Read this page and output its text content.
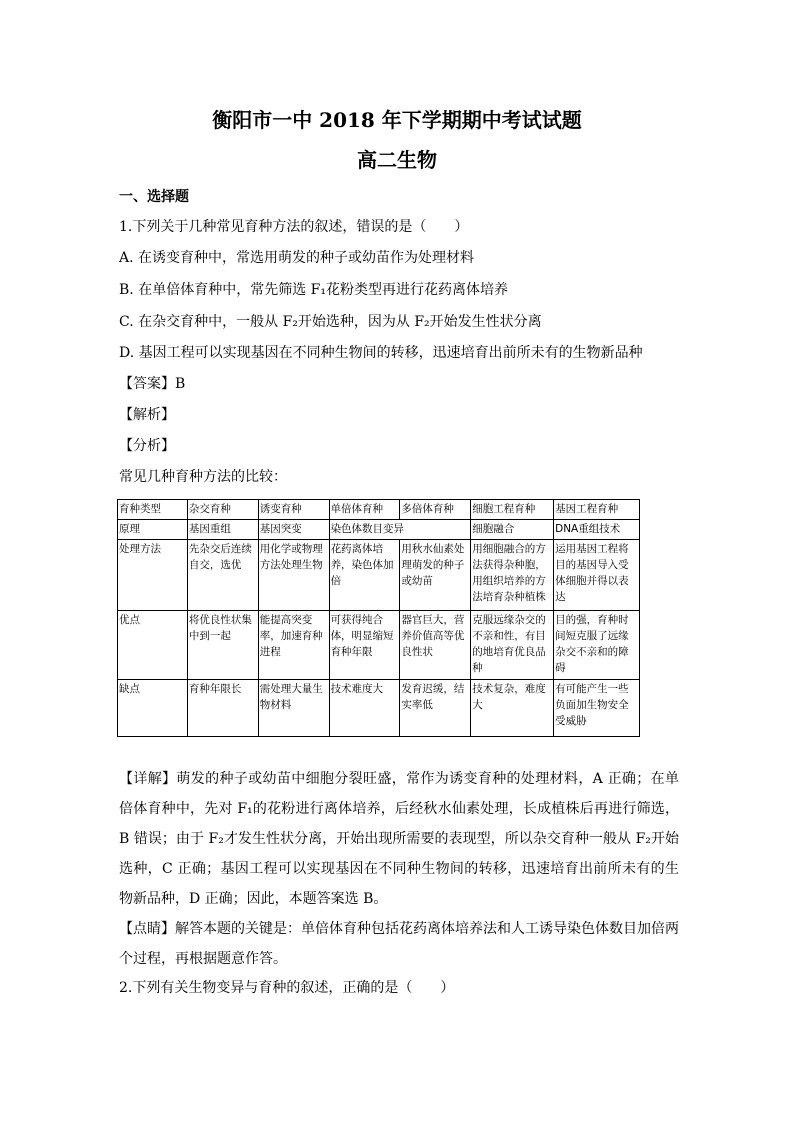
衡阳市一中 2018 年下学期期中考试试题
高二生物
一、选择题
1.下列关于几种常见育种方法的叙述，错误的是（　　）
A. 在诱变育种中，常选用萌发的种子或幼苗作为处理材料
B. 在单倍体育种中，常先筛选 F₁花粉类型再进行花药离体培养
C. 在杂交育种中，一般从 F₂开始选种，因为从 F₂开始发生性状分离
D. 基因工程可以实现基因在不同种生物间的转移，迅速培育出前所未有的生物新品种
【答案】B
【解析】
【分析】
常见几种育种方法的比较：
育种类型	杂交育种	诱变育种	单倍体育种	多倍体育种	细胞工程育种	基因工程育种
原理	基因重组	基因突变	染色体数目变异		细胞融合	DNA重组技术
处理方法	先杂交后连续自交，选优	用化学或物理方法处理生物	花药离体培养，染色体加倍	用秋水仙素处理萌发的种子或幼苗	用细胞融合的方法获得杂种胞，用组织培养的方法培育杂种植株	运用基因工程将目的基因导入受体细胞并得以表达
优点	将优良性状集中到一起	能提高突变率，加速育种进程	可获得纯合体，明显缩短育种年限	器官巨大，营养价值高等优良性状	克服远缘杂交的不亲和性，有目的地培育优良品种	目的强，育种时间短克服了远缘杂交不亲和的障碍
缺点	育种年限长	需处理大量生物材料	技术难度大	发育迟缓，结实率低	技术复杂，难度大	有可能产生一些负面加生物安全受威胁
【详解】萌发的种子或幼苗中细胞分裂旺盛，常作为诱变育种的处理材料，A 正确；在单倍体育种中，先对 F₁的花粉进行离体培养，后经秋水仙素处理，长成植株后再进行筛选，B 错误；由于 F₂才发生性状分离，开始出现所需要的表现型，所以杂交育种一般从 F₂开始选种，C 正确；基因工程可以实现基因在不同种生物间的转移，迅速培育出前所未有的生物新品种，D 正确；因此，本题答案选 B。
【点睛】解答本题的关键是：单倍体育种包括花药离体培养法和人工诱导染色体数目加倍两个过程，再根据题意作答。
2.下列有关生物变异与育种的叙述，正确的是（　　）
